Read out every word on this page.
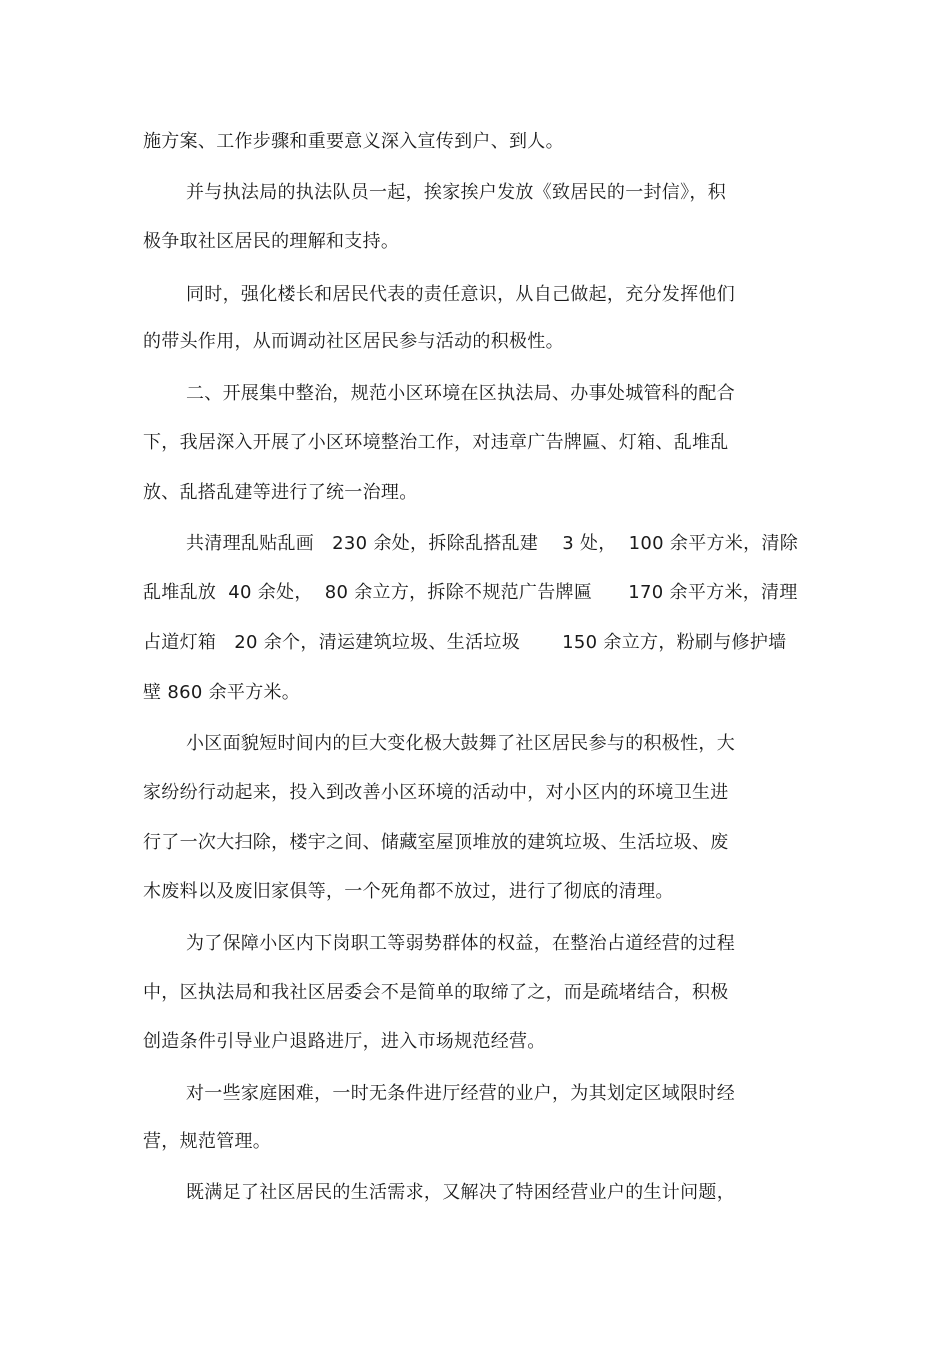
施方案、工作步骤和重要意义深入宣传到户、到人。
并与执法局的执法队员一起，挨家挨户发放《致居民的一封信》，积
极争取社区居民的理解和支持。
同时，强化楼长和居民代表的责任意识，从自己做起，充分发挥他们
的带头作用，从而调动社区居民参与活动的积极性。
二、开展集中整治，规范小区环境在区执法局、办事处城管科的配合
下，我居深入开展了小区环境整治工作，对违章广告牌匾、灯箱、乱堆乱
放、乱搭乱建等进行了统一治理。
共清理乱贴乱画   230 余处，拆除乱搭乱建    3 处，  100 余平方米，清除
乱堆乱放  40 余处，  80 余立方，拆除不规范广告牌匾      170 余平方米，清理
占道灯箱   20 余个，清运建筑垃圾、生活垃圾       150 余立方，粉刷与修护墙
壁 860 余平方米。
小区面貌短时间内的巨大变化极大鼓舞了社区居民参与的积极性，大
家纷纷行动起来，投入到改善小区环境的活动中，对小区内的环境卫生进
行了一次大扫除，楼宇之间、储藏室屋顶堆放的建筑垃圾、生活垃圾、废
木废料以及废旧家俱等，一个死角都不放过，进行了彻底的清理。
为了保障小区内下岗职工等弱势群体的权益，在整治占道经营的过程
中，区执法局和我社区居委会不是简单的取缔了之，而是疏堵结合，积极
创造条件引导业户退路进厅，进入市场规范经营。
对一些家庭困难，一时无条件进厅经营的业户，为其划定区域限时经
营，规范管理。
既满足了社区居民的生活需求，又解决了特困经营业户的生计问题，
